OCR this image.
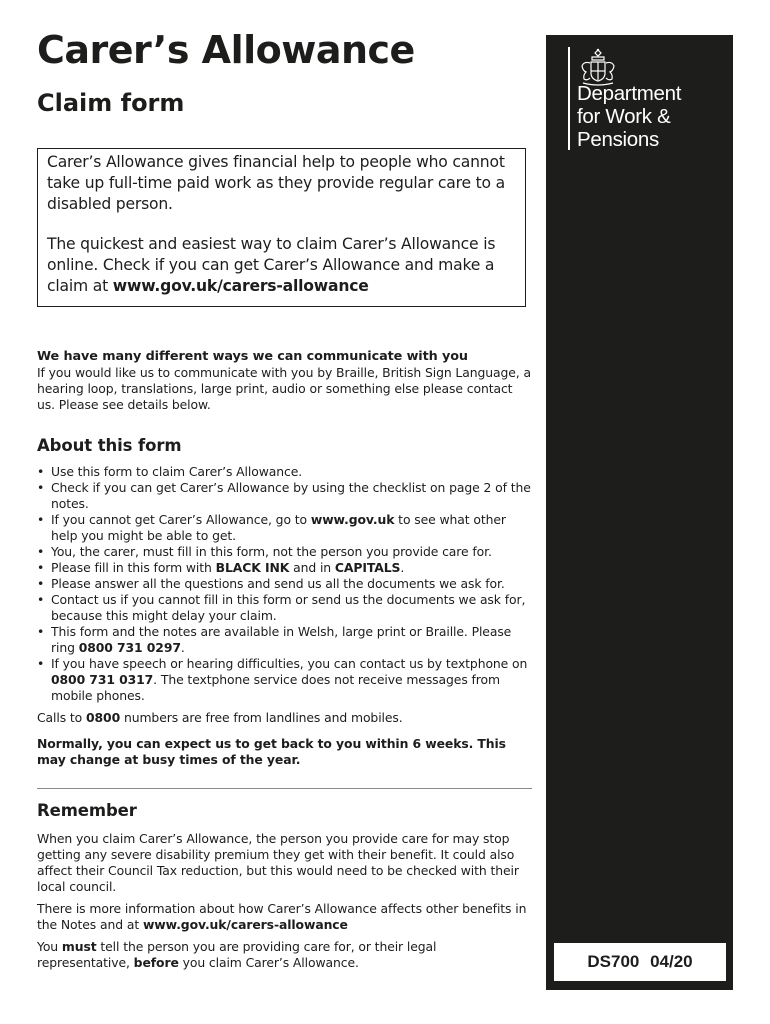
Carer’s Allowance
Claim form

Carer’s Allowance gives financial help to people who cannot take up full-time paid work as they provide regular care to a disabled person.

The quickest and easiest way to claim Carer’s Allowance is online. Check if you can get Carer’s Allowance and make a claim at www.gov.uk/carers-allowance

We have many different ways we can communicate with you

If you would like us to communicate with you by Braille, British Sign Language, a hearing loop, translations, large print, audio or something else please contact us. Please see details below.

About this form

• Use this form to claim Carer’s Allowance.
• Check if you can get Carer’s Allowance by using the checklist on page 2 of the notes.
• If you cannot get Carer’s Allowance, go to www.gov.uk to see what other help you might be able to get.
• You, the carer, must fill in this form, not the person you provide care for.
• Please fill in this form with BLACK INK and in CAPITALS.
• Please answer all the questions and send us all the documents we ask for.
• Contact us if you cannot fill in this form or send us the documents we ask for, because this might delay your claim.
• This form and the notes are available in Welsh, large print or Braille. Please ring 0800 731 0297.
• If you have speech or hearing difficulties, you can contact us by textphone on 0800 731 0317. The textphone service does not receive messages from mobile phones.

Calls to 0800 numbers are free from landlines and mobiles.

Normally, you can expect us to get back to you within 6 weeks. This may change at busy times of the year.

Remember

When you claim Carer’s Allowance, the person you provide care for may stop getting any severe disability premium they get with their benefit. It could also affect their Council Tax reduction, but this would need to be checked with their local council.

There is more information about how Carer’s Allowance affects other benefits in the Notes and at www.gov.uk/carers-allowance

You must tell the person you are providing care for, or their legal representative, before you claim Carer’s Allowance.

Department
for Work &
Pensions
DS700 04/20
